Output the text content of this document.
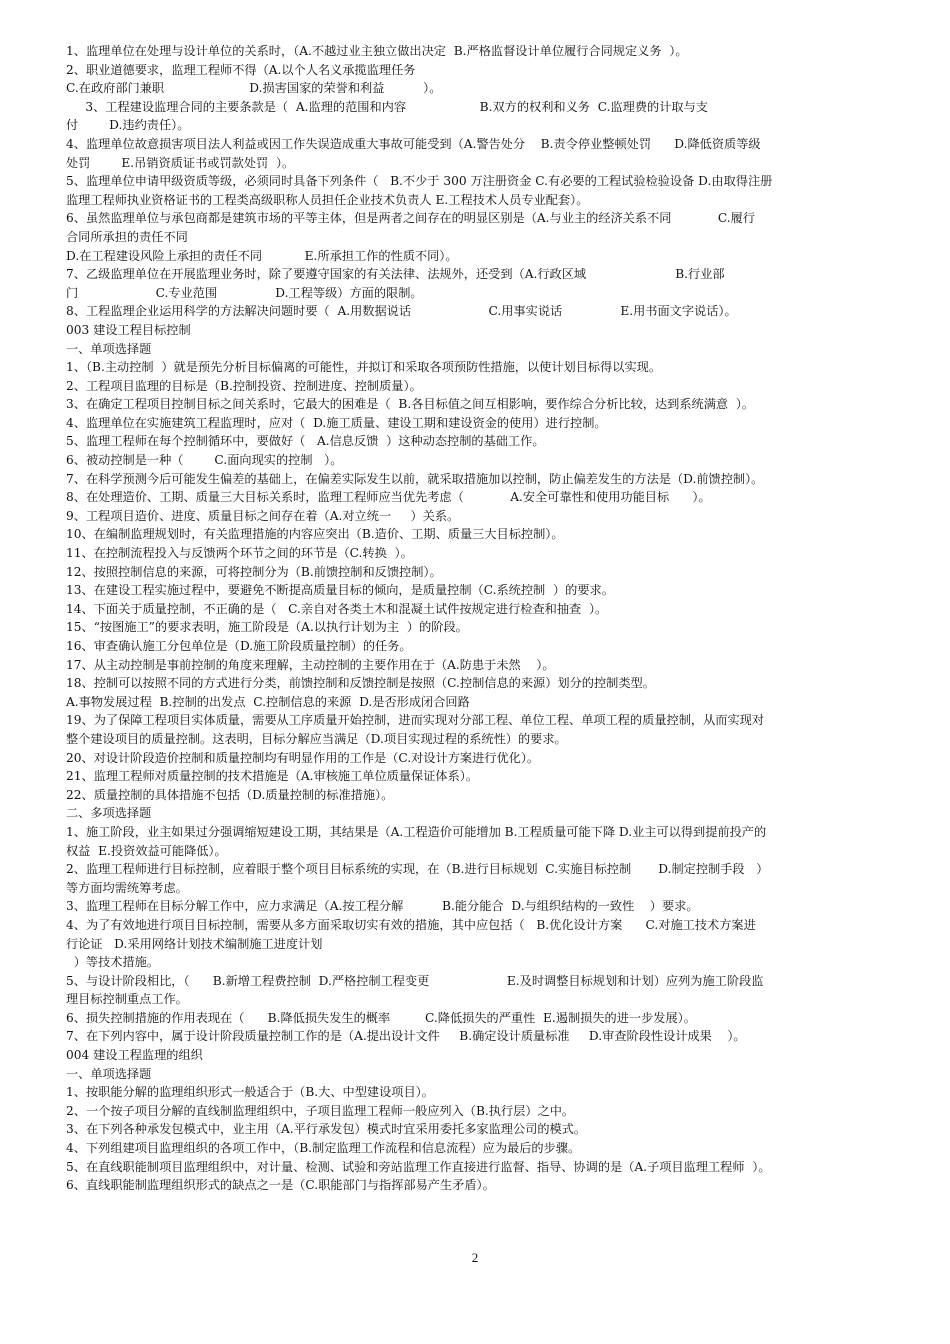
1、监理单位在处理与设计单位的关系时，（A.不越过业主独立做出决定  B.严格监督设计单位履行合同规定义务  ）。
2、职业道德要求，监理工程师不得（A.以个人名义承揽监理任务
C.在政府部门兼职                      D.损害国家的荣誉和利益          ）。
3、工程建设监理合同的主要条款是（  A.监理的范围和内容                   B.双方的权利和义务  C.监理费的计取与支
付        D.违约责任）。
4、监理单位故意损害项目法人利益或因工作失误造成重大事故可能受到（A.警告处分    B.责令停业整顿处罚      D.降低资质等级
处罚        E.吊销资质证书或罚款处罚  ）。
5、监理单位申请甲级资质等级，必须同时具备下列条件（   B.不少于 300 万注册资金 C.有必要的工程试验检验设备 D.由取得注册
监理工程师执业资格证书的工程类高级职称人员担任企业技术负责人 E.工程技术人员专业配套）。
6、虽然监理单位与承包商都是建筑市场的平等主体，但是两者之间存在的明显区别是（A.与业主的经济关系不同            C.履行
合同所承担的责任不同
D.在工程建设风险上承担的责任不同           E.所承担工作的性质不同）。
7、乙级监理单位在开展监理业务时，除了要遵守国家的有关法律、法规外，还受到（A.行政区域                       B.行业部
门                    C.专业范围               D.工程等级）方面的限制。
8、工程监理企业运用科学的方法解决问题时要（  A.用数据说话                    C.用事实说话               E.用书面文字说话）。
003 建设工程目标控制
一、单项选择题
1、（B.主动控制  ）就是预先分析目标偏离的可能性，并拟订和采取各项预防性措施，以使计划目标得以实现。
2、工程项目监理的目标是（B.控制投资、控制进度、控制质量）。
3、在确定工程项目控制目标之间关系时，它最大的困难是（  B.各目标值之间互相影响，要作综合分析比较，达到系统满意  ）。
4、监理单位在实施建筑工程监理时，应对（  D.施工质量、建设工期和建设资金的使用）进行控制。
5、监理工程师在每个控制循环中，要做好（   A.信息反馈  ）这种动态控制的基础工作。
6、被动控制是一种（        C.面向现实的控制   ）。
7、在科学预测今后可能发生偏差的基础上，在偏差实际发生以前，就采取措施加以控制，防止偏差发生的方法是（D.前馈控制）。
8、在处理造价、工期、质量三大目标关系时，监理工程师应当优先考虑（            A.安全可靠性和使用功能目标      ）。
9、工程项目造价、进度、质量目标之间存在着（A.对立统一     ）关系。
10、在编制监理规划时，有关监理措施的内容应突出（B.造价、工期、质量三大目标控制）。
11、在控制流程投入与反馈两个环节之间的环节是（C.转换  ）。
12、按照控制信息的来源，可将控制分为（B.前馈控制和反馈控制）。
13、在建设工程实施过程中，要避免不断提高质量目标的倾向，是质量控制（C.系统控制  ）的要求。
14、下面关于质量控制，不正确的是（   C.亲自对各类土木和混凝土试件按规定进行检查和抽查  ）。
15、“按图施工”的要求表明，施工阶段是（A.以执行计划为主  ）的阶段。
16、审查确认施工分包单位是（D.施工阶段质量控制）的任务。
17、从主动控制是事前控制的角度来理解，主动控制的主要作用在于（A.防患于未然    ）。
18、控制可以按照不同的方式进行分类，前馈控制和反馈控制是按照（C.控制信息的来源）划分的控制类型。
A.事物发展过程  B.控制的出发点  C.控制信息的来源  D.是否形成闭合回路
19、为了保障工程项目实体质量，需要从工序质量开始控制，进而实现对分部工程、单位工程、单项工程的质量控制，从而实现对
整个建设项目的质量控制。这表明，目标分解应当满足（D.项目实现过程的系统性）的要求。
20、对设计阶段造价控制和质量控制均有明显作用的工作是（C.对设计方案进行优化）。
21、监理工程师对质量控制的技术措施是（A.审核施工单位质量保证体系）。
22、质量控制的具体措施不包括（D.质量控制的标准措施）。
二、多项选择题
1、施工阶段，业主如果过分强调缩短建设工期，其结果是（A.工程造价可能增加 B.工程质量可能下降 D.业主可以得到提前投产的
权益  E.投资效益可能降低）。
2、监理工程师进行目标控制，应着眼于整个项目目标系统的实现，在（B.进行目标规划  C.实施目标控制       D.制定控制手段   ）
等方面均需统筹考虑。
3、监理工程师在目标分解工作中，应力求满足（A.按工程分解          B.能分能合  D.与组织结构的一致性    ）要求。
4、为了有效地进行项目目标控制，需要从多方面采取切实有效的措施，其中应包括（   B.优化设计方案      C.对施工技术方案进
行论证   D.采用网络计划技术编制施工进度计划
）等技术措施。
5、与设计阶段相比，（      B.新增工程费控制  D.严格控制工程变更                    E.及时调整目标规划和计划）应列为施工阶段监
理目标控制重点工作。
6、损失控制措施的作用表现在（      B.降低损失发生的概率         C.降低损失的严重性  E.遏制损失的进一步发展）。
7、在下列内容中，属于设计阶段质量控制工作的是（A.提出设计文件     B.确定设计质量标准     D.审查阶段性设计成果    ）。
004 建设工程监理的组织
一、单项选择题
1、按职能分解的监理组织形式一般适合于（B.大、中型建设项目）。
2、一个按子项目分解的直线制监理组织中，子项目监理工程师一般应列入（B.执行层）之中。
3、在下列各种承发包模式中，业主用（A.平行承发包）模式时宜采用委托多家监理公司的模式。
4、下列组建项目监理组织的各项工作中，（B.制定监理工作流程和信息流程）应为最后的步骤。
5、在直线职能制项目监理组织中，对计量、检测、试验和旁站监理工作直接进行监督、指导、协调的是（A.子项目监理工程师  ）。
6、直线职能制监理组织形式的缺点之一是（C.职能部门与指挥部易产生矛盾）。
2
